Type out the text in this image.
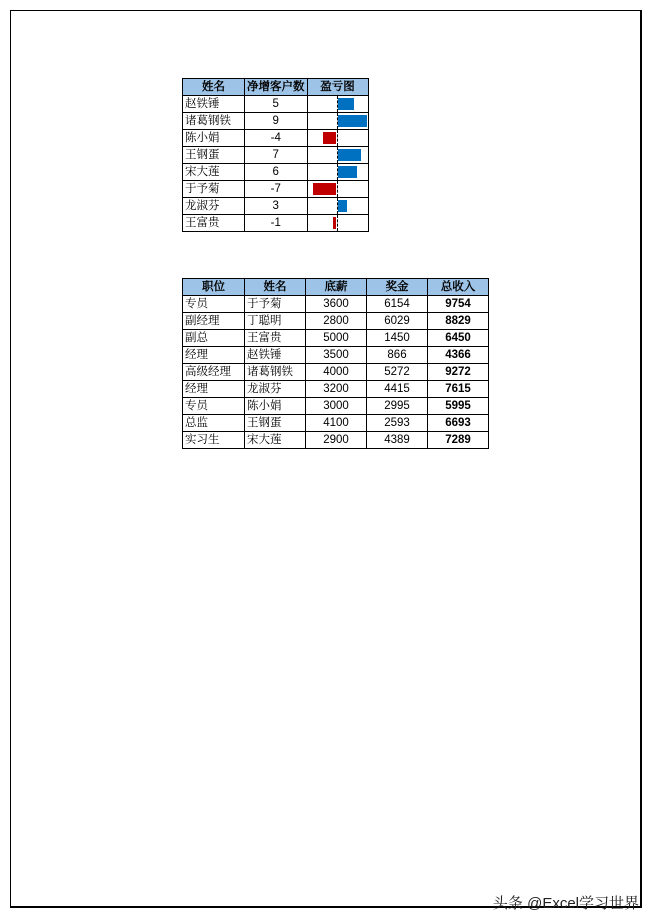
姓名	净增客户数	盈亏图
赵铁锤	5	

诸葛钢铁	9	

陈小娟	-4	

王钢蛋	7	

宋大莲	6	

于予菊	-7	

龙淑芬	3	

王富贵	-1	
职位	姓名	底薪	奖金	总收入
专员	于予菊	3600	6154	9754
副经理	丁聪明	2800	6029	8829
副总	王富贵	5000	1450	6450
经理	赵铁锤	3500	866	4366
高级经理	诸葛钢铁	4000	5272	9272
经理	龙淑芬	3200	4415	7615
专员	陈小娟	3000	2995	5995
总监	王钢蛋	4100	2593	6693
实习生	宋大莲	2900	4389	7289
头条 @Excel学习世界
